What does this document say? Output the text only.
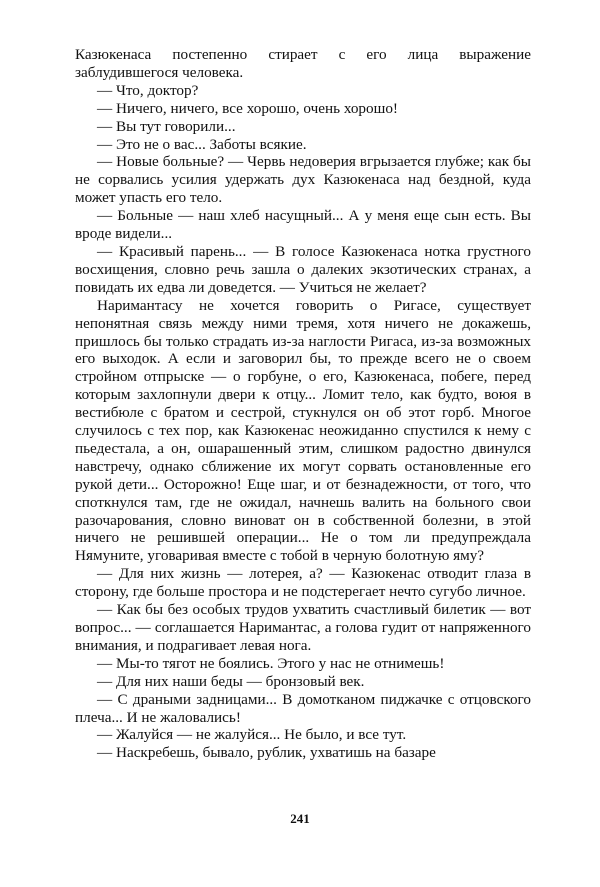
Казюкенаса постепенно стирает с его лица выражение заблудившегося человека.

— Что, доктор?

— Ничего, ничего, все хорошо, очень хорошо!

— Вы тут говорили...

— Это не о вас... Заботы всякие.

— Новые больные? — Червь недоверия вгрызается глубже; как бы не сорвались усилия удержать дух Казюкенаса над бездной, куда может упасть его тело.

— Больные — наш хлеб насущный... А у меня еще сын есть. Вы вроде видели...

— Красивый парень... — В голосе Казюкенаса нотка грустного восхищения, словно речь зашла о далеких экзотических странах, а повидать их едва ли доведется. — Учиться не желает?

Наримантасу не хочется говорить о Ригасе, существует непонятная связь между ними тремя, хотя ничего не докажешь, пришлось бы только страдать из-за наглости Ригаса, из-за возможных его выходок. А если и заговорил бы, то прежде всего не о своем стройном отпрыске — о горбуне, о его, Казюкенаса, побеге, перед которым захлопнули двери к отцу... Ломит тело, как будто, воюя в вестибюле с братом и сестрой, стукнулся он об этот горб. Многое случилось с тех пор, как Казюкенас неожиданно спустился к нему с пьедестала, а он, ошарашенный этим, слишком радостно двинулся навстречу, однако сближение их могут сорвать остановленные его рукой дети... Осторожно! Еще шаг, и от безнадежности, от того, что споткнулся там, где не ожидал, начнешь валить на больного свои разочарования, словно виноват он в собственной болезни, в этой ничего не решившей операции... Не о том ли предупреждала Нямуните, уговаривая вместе с тобой в черную болотную яму?

— Для них жизнь — лотерея, а? — Казюкенас отводит глаза в сторону, где больше простора и не подстерегает нечто сугубо личное.

— Как бы без особых трудов ухватить счастливый билетик — вот вопрос... — соглашается Наримантас, а голова гудит от напряженного внимания, и подрагивает левая нога.

— Мы-то тягот не боялись. Этого у нас не отнимешь!

— Для них наши беды — бронзовый век.

— С драными задницами... В домотканом пиджачке с отцовского плеча... И не жаловались!

— Жалуйся — не жалуйся... Не было, и все тут.

— Наскребешь, бывало, рублик, ухватишь на базаре

241
